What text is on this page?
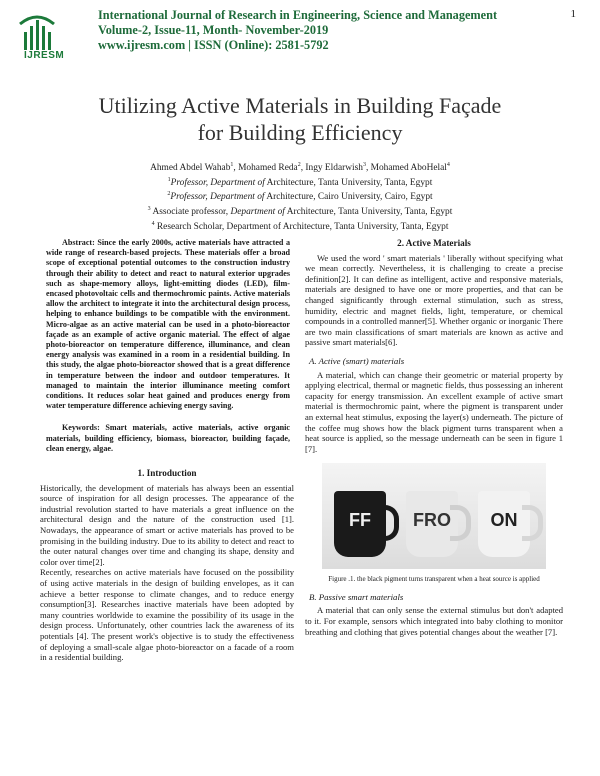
IJRESM
International Journal of Research in Engineering, Science and Management
Volume-2, Issue-11, Month- November-2019
www.ijresm.com | ISSN (Online): 2581-5792
1
Utilizing Active Materials in Building Façade
for Building Efficiency
Ahmed Abdel Wahab$^1$, Mohamed Reda$^2$, Ingy Eldarwish$^3$, Mohamed AboHelal$^4$
$^1$Professor, Department of Architecture, Tanta University, Tanta, Egypt
$^2$Professor, Department of Architecture, Cairo University, Cairo, Egypt
$^3$ Associate professor, Department of Architecture, Tanta University, Tanta, Egypt
$^4$ Research Scholar, Department of Architecture, Tanta University, Tanta, Egypt

Abstract: Since the early 2000s, active materials have attracted a wide range of research-based projects. These materials offer a broad scope of exceptional potential outcomes to the construction industry through their ability to detect and react to natural exterior upgrades such as shape-memory alloys, light-emitting diodes (LED), film-encased photovoltaic cells and thermochromic paints. Active materials allow the architect to integrate it into the architectural design process, helping to enhance buildings to be compatible with the environment. Micro-algae as an active material can be used in a photo-bioreactor façade as an example of active organic material. The effect of algae photo-bioreactor on temperature difference, illuminance, and clean energy analysis was examined in a room in a residential building. In this study, the algae photo-bioreactor showed that is a great difference in temperature between the indoor and outdoor temperatures. It managed to maintain the interior illuminance meeting comfort conditions. It reduces solar heat gained and produces energy from water temperature difference achieving energy saving.

Keywords: Smart materials, active materials, active organic materials, building efficiency, biomass, bioreactor, building façade, clean energy, algae.

1. Introduction

Historically, the development of materials has always been an essential source of inspiration for all design processes. The appearance of the industrial revolution started to have materials a great influence on the architectural design and the nature of the construction used [1]. Nowadays, the appearance of smart or active materials has proved to be promising in the building industry. Due to its ability to detect and react to the outer natural changes over time and changing its shape, density and color over time[2].

Recently, researches on active materials have focused on the possibility of using active materials in the design of building envelopes, as it can achieve a better response to climate changes, and to reduce energy consumption[3]. Researches inactive materials have been adopted by many countries worldwide to examine the possibility of its usage in the design process. Unfortunately, other countries lack the awareness of its potentials [4]. The present work's objective is to study the effectiveness of deploying a small-scale algae photo-bioreactor on a facade of a room in a residential building.

2. Active Materials

We used the word ' smart materials ' liberally without specifying what we mean correctly. Nevertheless, it is challenging to create a precise definition[2]. It can define as intelligent, active and responsive materials, materials are designed to have one or more properties, and that can be changed significantly through external stimulation, such as stress, humidity, electric and magnet fields, light, temperature, or chemical compounds in a controlled manner[5]. Whether organic or inorganic There are two main classifications of smart materials are known as active and passive smart materials[6].

A. Active (smart) materials

A material, which can change their geometric or material property by applying electrical, thermal or magnetic fields, thus possessing an inherent capacity for energy transmission. An excellent example of active smart material is thermochromic paint, where the pigment is transparent under an external heat stimulus, exposing the layer(s) underneath. The picture of the coffee mug shows how the black pigment turns transparent when a heat source is applied, so the message underneath can be seen in figure 1 [7].

FF	FRO	ON
Figure .1. the black pigment turns transparent when a heat source is applied
B. Passive smart materials

A material that can only sense the external stimulus but don't adapted to it. For example, sensors which integrated into baby clothing to monitor breathing and clothing that gives potential changes about the weather [7].
